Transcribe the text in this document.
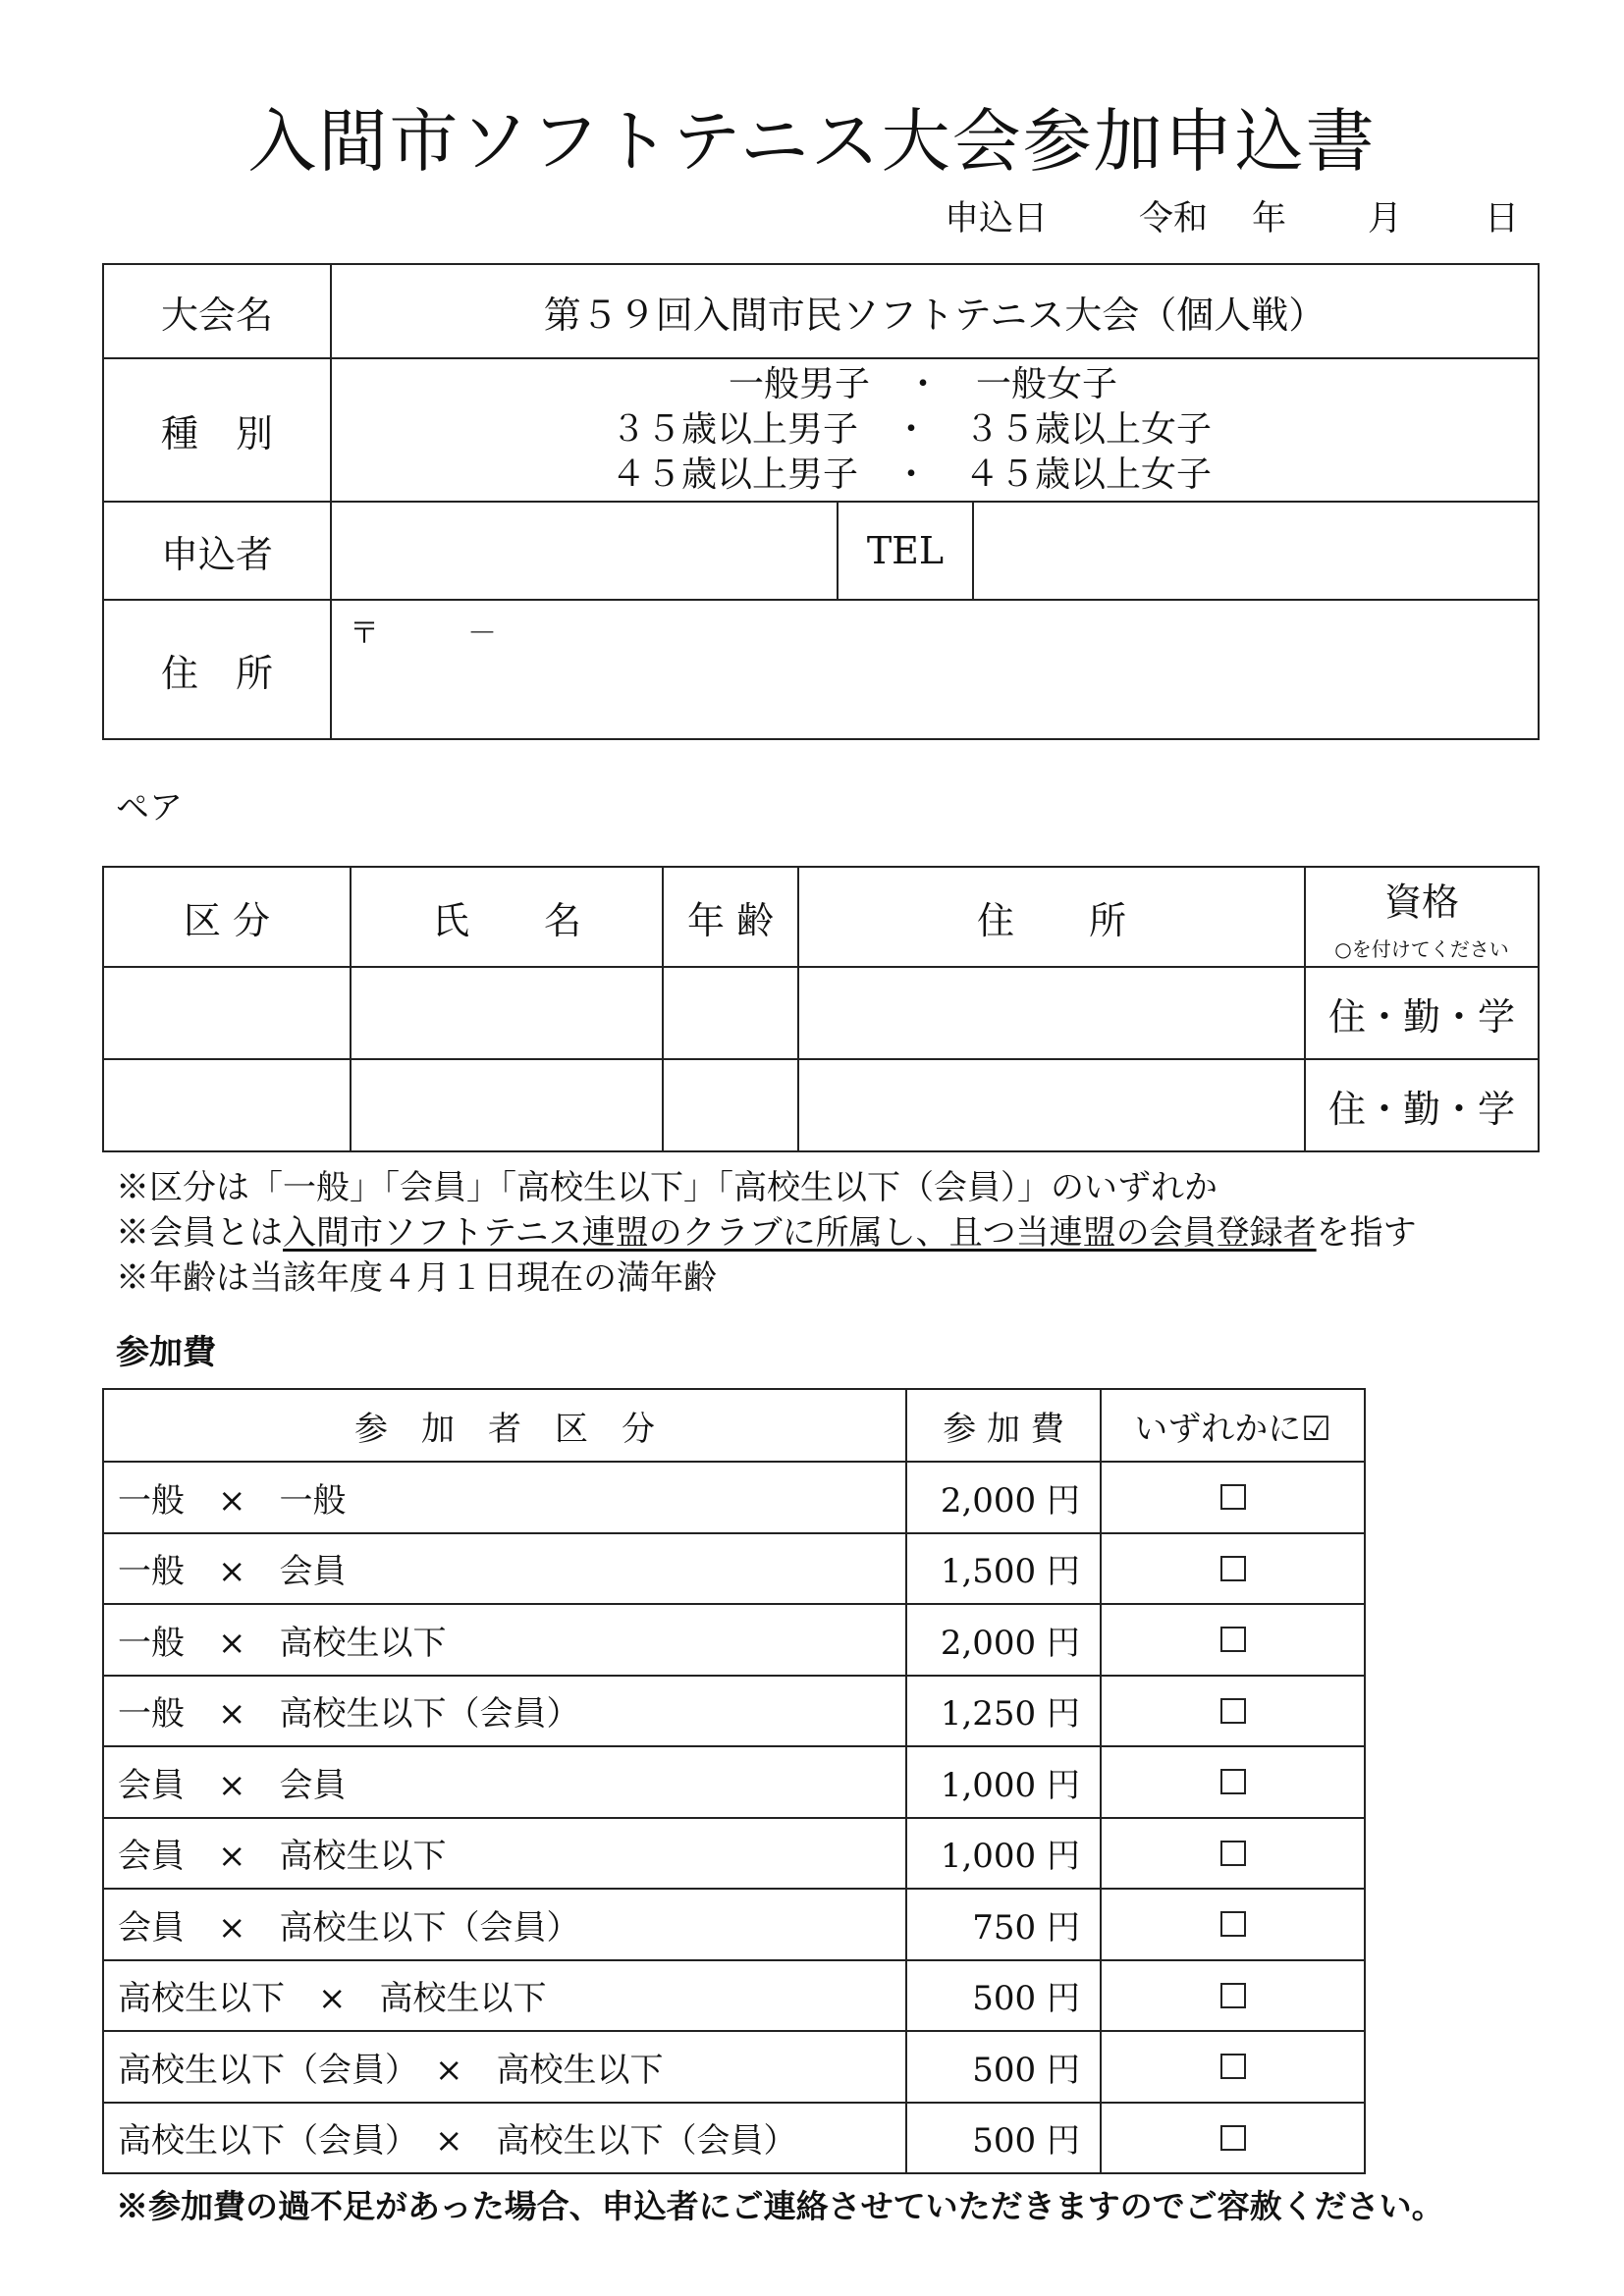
入間市ソフトテニス大会参加申込書
申込日	令和 年 月 日
大会名	第５９回入間市民ソフトテニス大会（個人戦）		
種　別	一般男子　・　一般女子
３５歳以上男子　・　３５歳以上女子
４５歳以上男子　・　４５歳以上女子		

申込者		TEL	
住　所	〒　　　－		
ペア
区 分	氏　　名	年 齢	住　　所	資格
○を付けてください

				住・勤・学
				住・勤・学
※区分は「一般」「会員」「高校生以下」「高校生以下（会員）」のいずれか
※会員とは入間市ソフトテニス連盟のクラブに所属し、且つ当連盟の会員登録者を指す
※年齢は当該年度４月１日現在の満年齢
参加費
参　加　者　区　分	参 加 費	いずれかに☑
一般　×　一般	2,000 円	
一般　×　会員	1,500 円	
一般　×　高校生以下	2,000 円	
一般　×　高校生以下（会員）	1,250 円	
会員　×　会員	1,000 円	
会員　×　高校生以下	1,000 円	
会員　×　高校生以下（会員）	750 円	
高校生以下　×　高校生以下	500 円	
高校生以下（会員）　×　高校生以下	500 円	
高校生以下（会員）　×　高校生以下（会員）	500 円	
※参加費の過不足があった場合、申込者にご連絡させていただきますのでご容赦ください。
